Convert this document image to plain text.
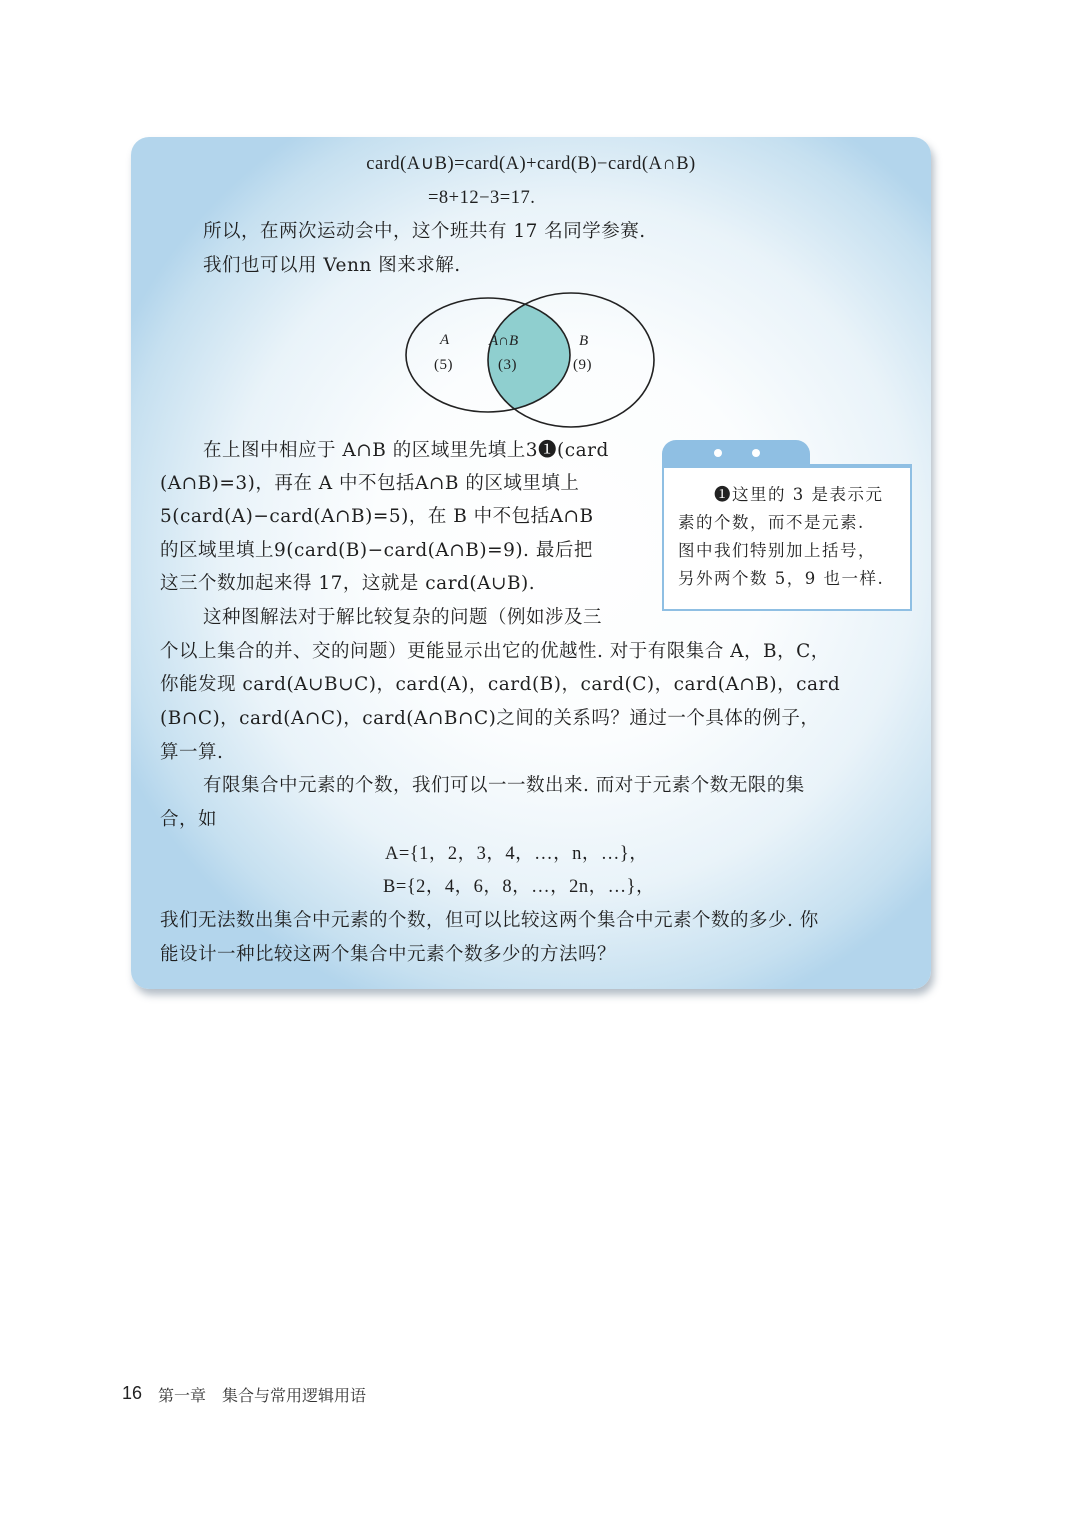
card(A∪B)=card(A)+card(B)−card(A∩B)
=8+12−3=17.
所以，在两次运动会中，这个班共有 17 名同学参赛.
我们也可以用 Venn 图来求解.
A
(5)
A∩B
(3)
B
(9)
在上图中相应于 A∩B 的区域里先填上3❶(card
(A∩B)=3)，再在 A 中不包括A∩B 的区域里填上
5(card(A)−card(A∩B)=5)，在 B 中不包括A∩B
的区域里填上9(card(B)−card(A∩B)=9). 最后把
这三个数加起来得 17，这就是 card(A∪B).
❶这里的 3 是表示元
素的个数，而不是元素.
图中我们特别加上括号，
另外两个数 5，9 也一样.
这种图解法对于解比较复杂的问题（例如涉及三
个以上集合的并、交的问题）更能显示出它的优越性. 对于有限集合 A，B，C，
你能发现 card(A∪B∪C)，card(A)，card(B)，card(C)，card(A∩B)，card
(B∩C)，card(A∩C)，card(A∩B∩C)之间的关系吗？通过一个具体的例子，
算一算.
有限集合中元素的个数，我们可以一一数出来. 而对于元素个数无限的集
合，如
A={1，2，3，4，…，n，…}，
B={2，4，6，8，…，2n，…}，
我们无法数出集合中元素的个数，但可以比较这两个集合中元素个数的多少. 你
能设计一种比较这两个集合中元素个数多少的方法吗？
16 第一章 集合与常用逻辑用语
